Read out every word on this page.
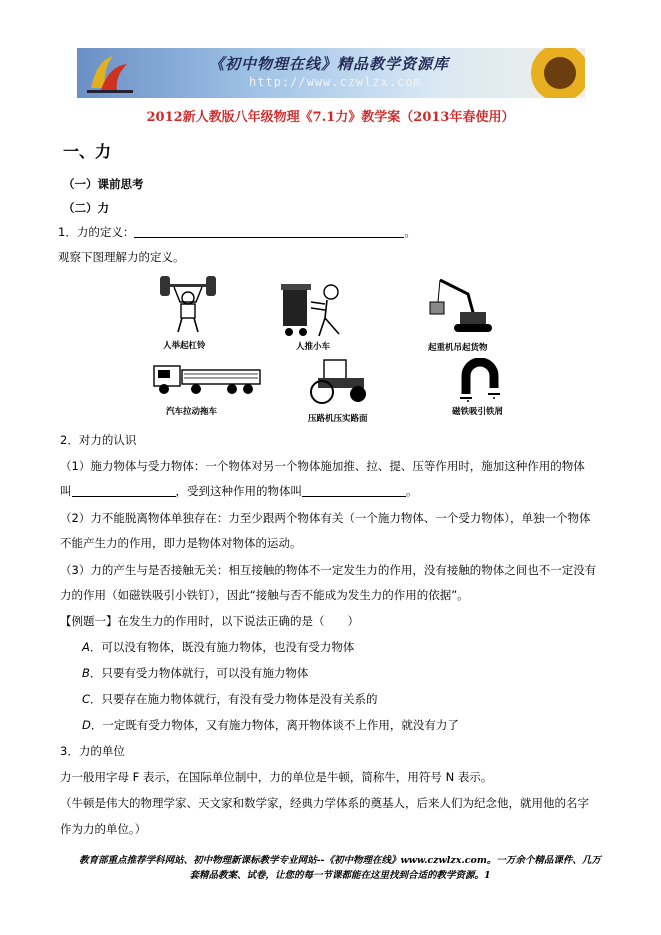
《初中物理在线》精品教学资源库
http://www.czwlzx.com
2012新人教版八年级物理《7.1力》教学案（2013年春使用）
一、力
（一）课前思考
（二）力
1．力的定义：	。
观察下图理解力的定义。
人举起杠铃	人推小车	起重机吊起货物
汽车拉动拖车
压路机压实路面
磁铁吸引铁屑
2．对力的认识
（1）施力物体与受力物体：一个物体对另一个物体施加推、拉、提、压等作用时，施加这种作用的物体
叫	，受到这种作用的物体叫	。
（2）力不能脱离物体单独存在：力至少跟两个物体有关（一个施力物体、一个受力物体），单独一个物体
不能产生力的作用，即力是物体对物体的运动。
（3）力的产生与是否接触无关：相互接触的物体不一定发生力的作用，没有接触的物体之间也不一定没有
力的作用（如磁铁吸引小铁钉），因此“接触与否不能成为发生力的作用的依据”。
【例题一】在发生力的作用时，以下说法正确的是（　　）
A．可以没有物体，既没有施力物体，也没有受力物体
B．只要有受力物体就行，可以没有施力物体
C．只要存在施力物体就行，有没有受力物体是没有关系的
D．一定既有受力物体，又有施力物体，离开物体谈不上作用，就没有力了
3．力的单位
力一般用字母 F 表示，在国际单位制中，力的单位是牛顿，简称牛，用符号 N 表示。
（牛顿是伟大的物理学家、天文家和数学家，经典力学体系的奠基人，后来人们为纪念他，就用他的名字
作为力的单位。）
教育部重点推荐学科网站、初中物理新课标教学专业网站--《初中物理在线》www.czwlzx.com。一万余个精品课件、几万
套精品教案、试卷，让您的每一节课都能在这里找到合适的教学资源。1
